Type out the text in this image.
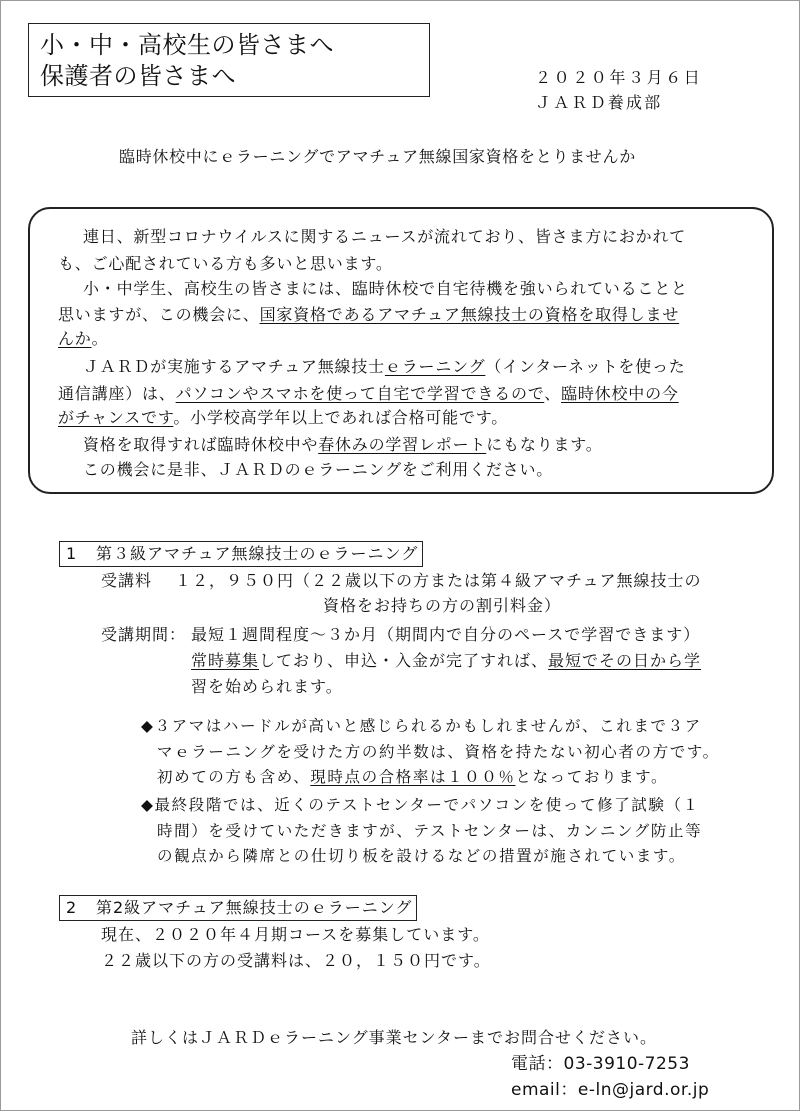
小・中・高校生の皆さまへ
保護者の皆さまへ	２０２０年３月６日
ＪＡＲＤ養成部
臨時休校中にｅラーニングでアマチュア無線国家資格をとりませんか
連日、新型コロナウイルスに関するニュースが流れており、皆さま方におかれて
も、ご心配されている方も多いと思います。
小・中学生、高校生の皆さまには、臨時休校で自宅待機を強いられていることと
思いますが、この機会に、国家資格であるアマチュア無線技士の資格を取得しませ
んか。
ＪＡＲＤが実施するアマチュア無線技士ｅラーニング（インターネットを使った
通信講座）は、パソコンやスマホを使って自宅で学習できるので、臨時休校中の今
がチャンスです。小学校高学年以上であれば合格可能です。
資格を取得すれば臨時休校中や春休みの学習レポートにもなります。
この機会に是非、ＪＡＲＤのｅラーニングをご利用ください。
1 第３級アマチュア無線技士のｅラーニング
受講料 １２，９５０円（２２歳以下の方または第４級アマチュア無線技士の
資格をお持ちの方の割引料金）
受講期間： 最短１週間程度～３か月（期間内で自分のペースで学習できます）
常時募集しており、申込・入金が完了すれば、最短でその日から学
習を始められます。
◆３アマはハードルが高いと感じられるかもしれませんが、これまで３ア
マｅラーニングを受けた方の約半数は、資格を持たない初心者の方です。
初めての方も含め、現時点の合格率は１００％となっております。
◆最終段階では、近くのテストセンターでパソコンを使って修了試験（１
時間）を受けていただきますが、テストセンターは、カンニング防止等
の観点から隣席との仕切り板を設けるなどの措置が施されています。
2 第2級アマチュア無線技士のｅラーニング
現在、２０２０年４月期コースを募集しています。
２２歳以下の方の受講料は、２０，１５０円です。
詳しくはＪＡＲＤｅラーニング事業センターまでお問合せください。
電話：03-3910-7253
email：e-ln@jard.or.jp
